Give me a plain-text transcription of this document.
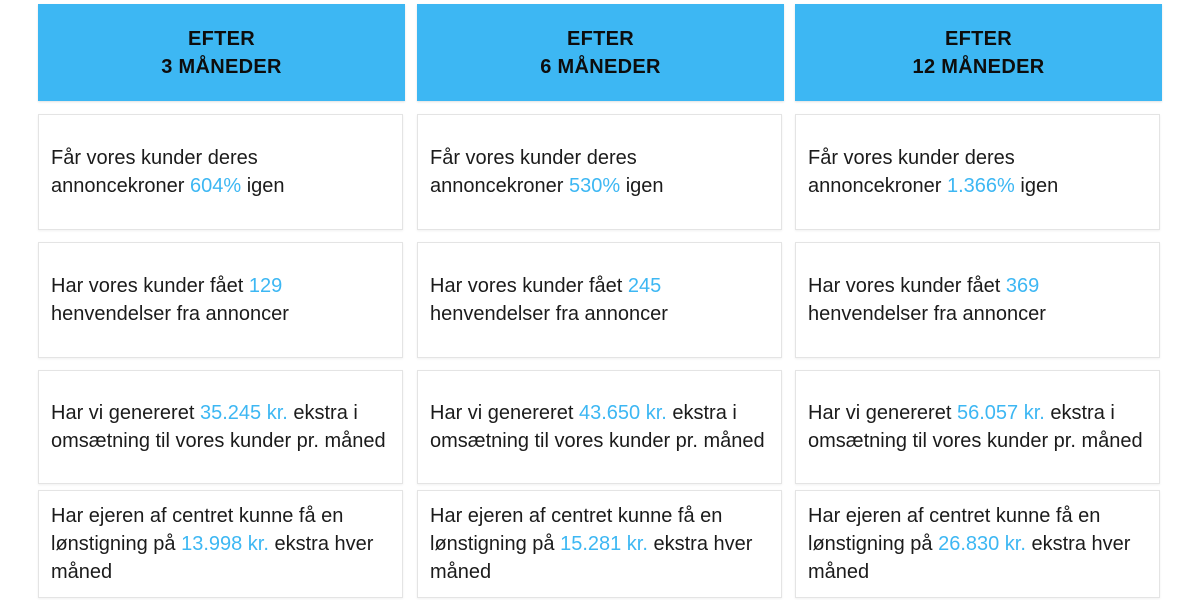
EFTER
3 MÅNEDER

Får vores kunder deres annoncekroner 604% igen

Har vores kunder fået 129 henvendelser fra annoncer

Har vi genereret 35.245 kr. ekstra i omsætning til vores kunder pr. måned

Har ejeren af centret kunne få en lønstigning på 13.998 kr. ekstra hver måned

EFTER
6 MÅNEDER

Får vores kunder deres annoncekroner 530% igen

Har vores kunder fået 245 henvendelser fra annoncer

Har vi genereret 43.650 kr. ekstra i omsætning til vores kunder pr. måned

Har ejeren af centret kunne få en lønstigning på 15.281 kr. ekstra hver måned

EFTER
12 MÅNEDER

Får vores kunder deres annoncekroner 1.366% igen

Har vores kunder fået 369 henvendelser fra annoncer

Har vi genereret 56.057 kr. ekstra i omsætning til vores kunder pr. måned

Har ejeren af centret kunne få en lønstigning på 26.830 kr. ekstra hver måned
